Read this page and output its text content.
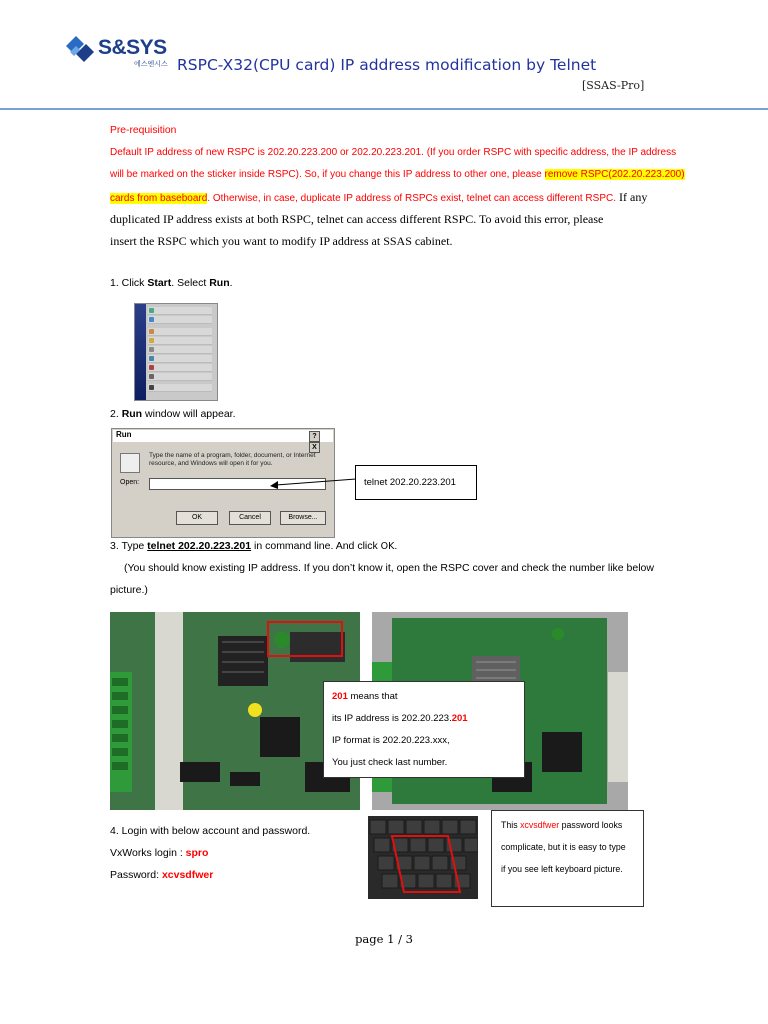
S&SYS
에스엔시스 RSPC-X32(CPU card) IP address modification by Telnet
[SSAS-Pro]
Pre-requisition
Default IP address of new RSPC is 202.20.223.200 or 202.20.223.201. (If you order RSPC with specific address, the IP address
will be marked on the sticker inside RSPC). So, if you change this IP address to other one, please remove RSPC(202.20.223.200)
cards from baseboard. Otherwise, in case, duplicate IP address of RSPCs exist, telnet can access different RSPC. If any
duplicated IP address exists at both RSPC, telnet can access different RSPC. To avoid this error, please
insert the RSPC which you want to modify IP address at SSAS cabinet.
1. Click Start. Select Run.
2. Run window will appear.
Run	?X
Type the name of a program, folder, document, or Internet resource, and Windows will open it for you.
Open:
OK	Cancel	Browse...
telnet 202.20.223.201
3. Type telnet 202.20.223.201 in command line. And click OK.
(You should know existing IP address. If you don’t know it, open the RSPC cover and check the number like below
picture.)
201 means that
its IP address is 202.20.223.201
IP format is 202.20.223.xxx,
You just check last number.
4. Login with below account and password.
VxWorks login : spro
Password: xcvsdfwer
This xcvsdfwer password looks
complicate, but it is easy to type
if you see left keyboard picture.
page 1 / 3
